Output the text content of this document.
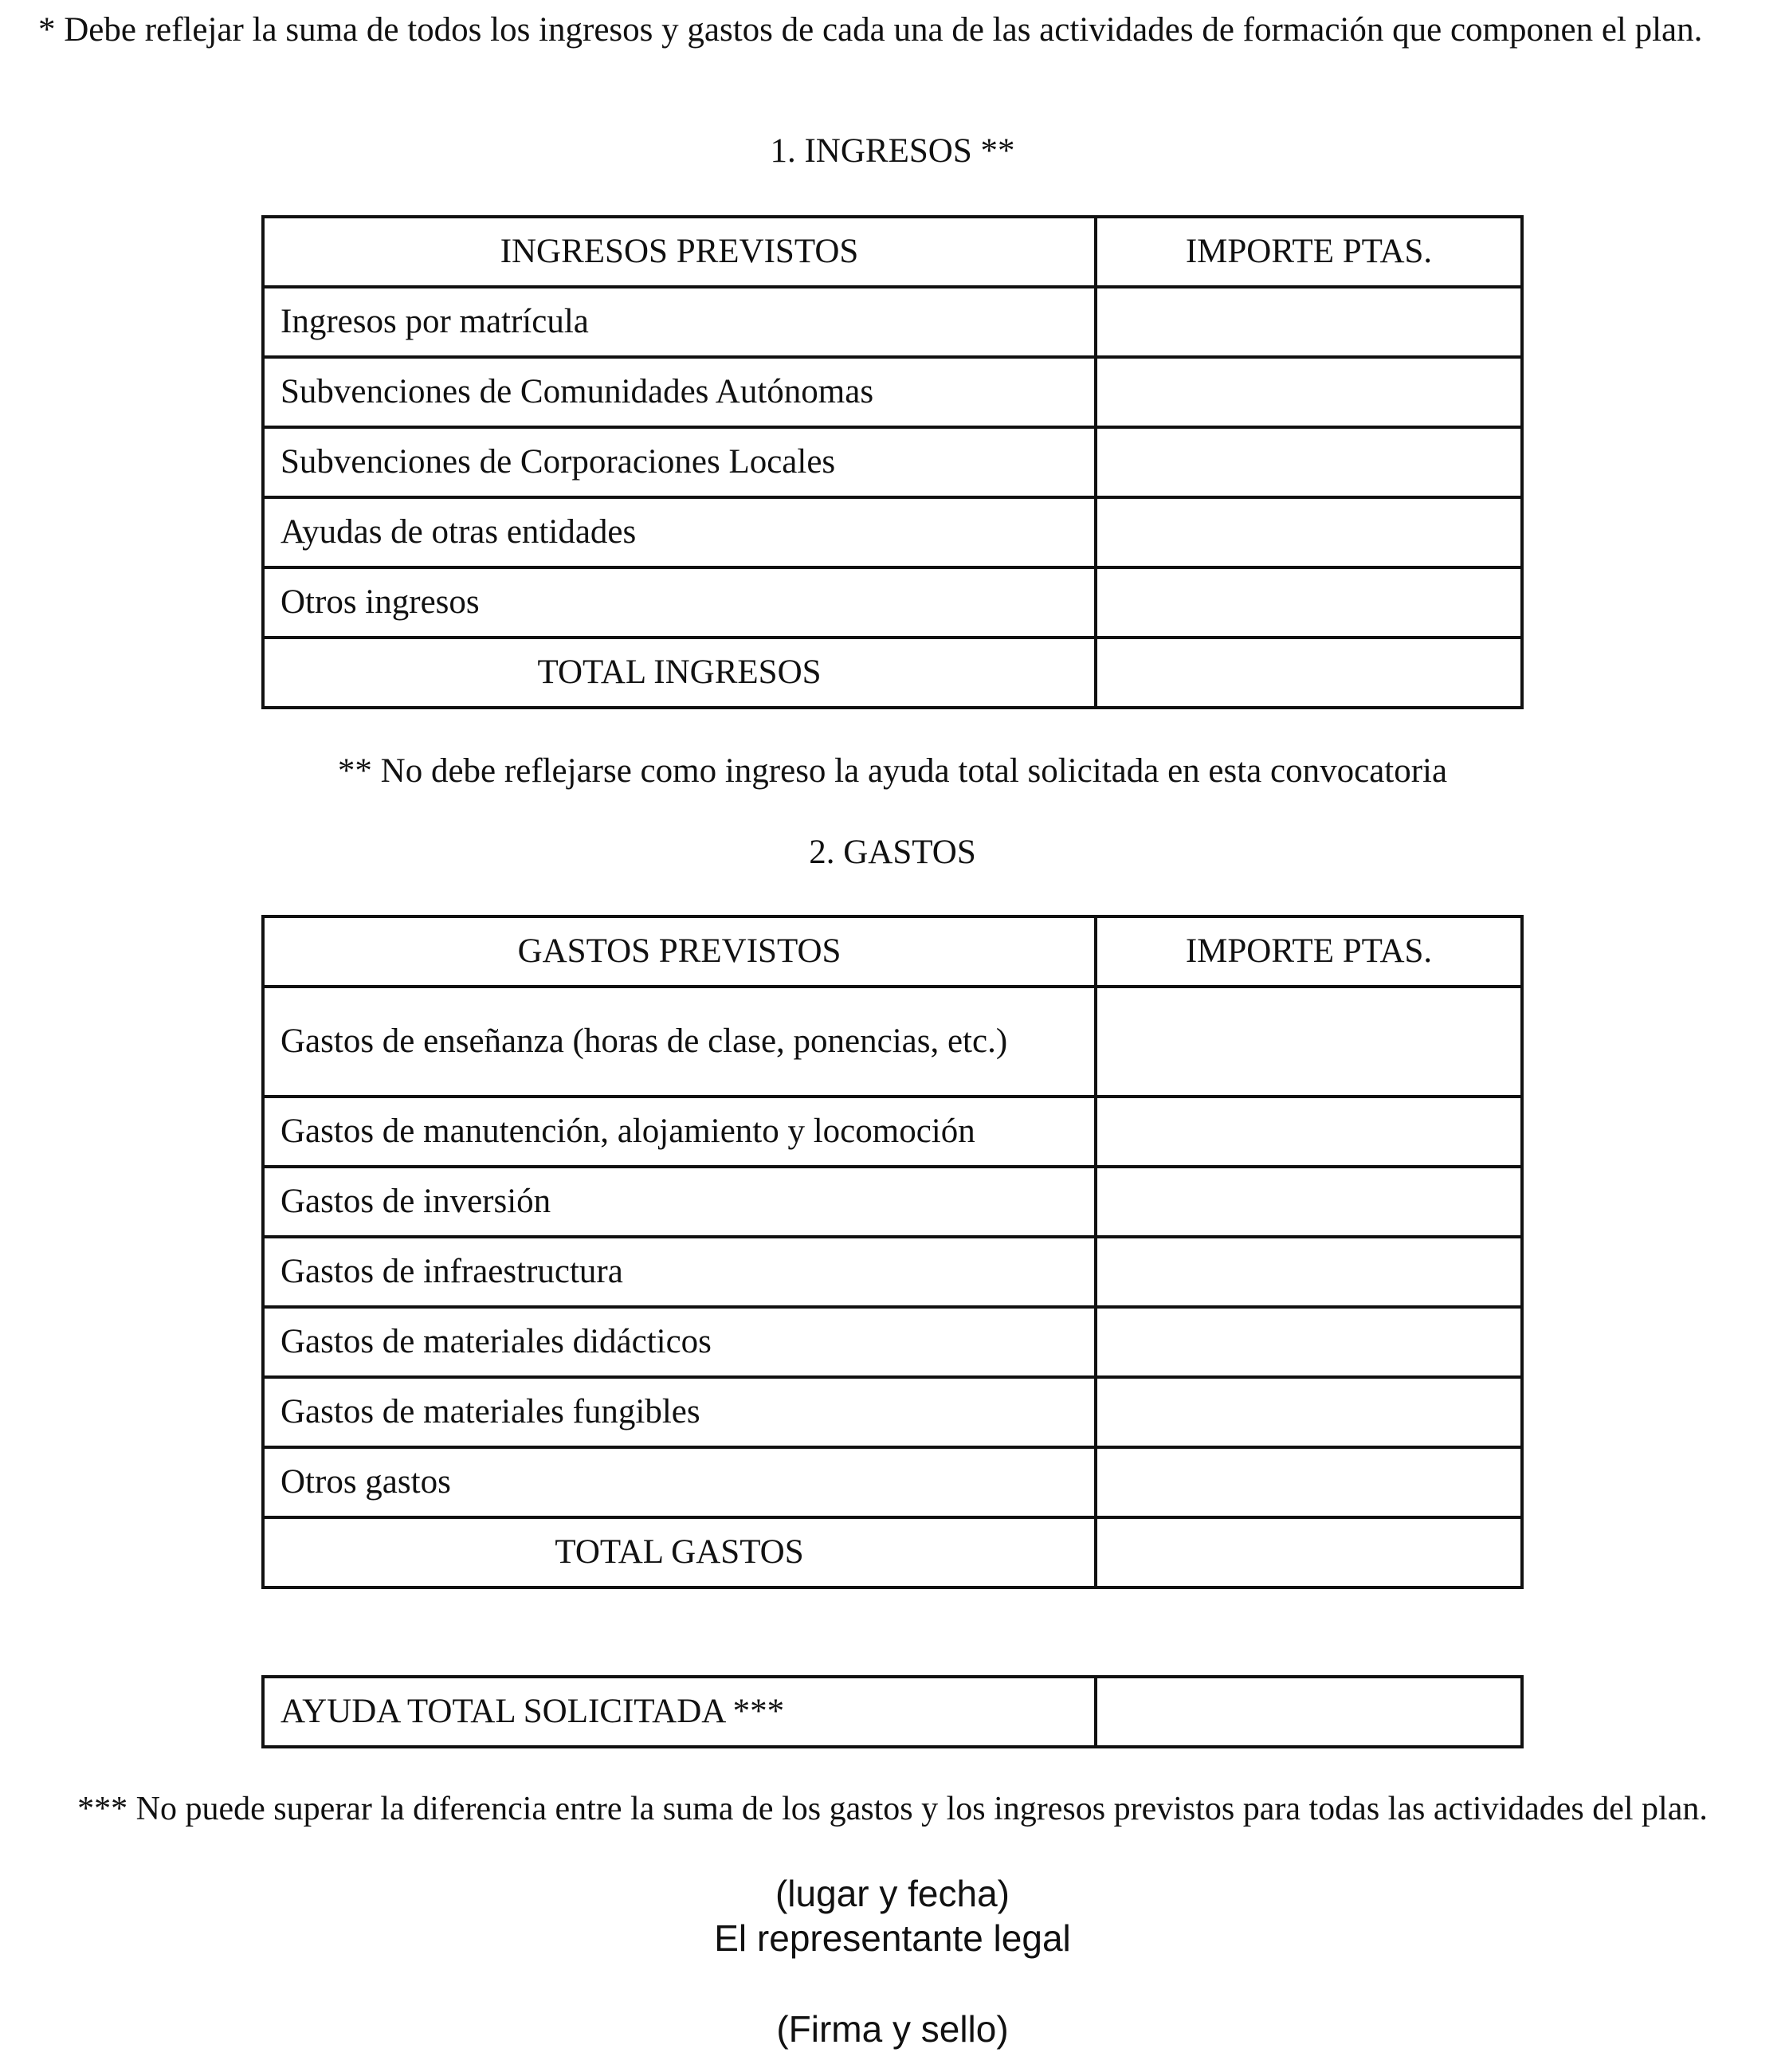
* Debe reflejar la suma de todos los ingresos y gastos de cada una de las actividades de formación que componen el plan.

1. INGRESOS **
INGRESOS PREVISTOS	IMPORTE PTAS.
Ingresos por matrícula	
Subvenciones de Comunidades Autónomas	
Subvenciones de Corporaciones Locales	
Ayudas de otras entidades	
Otros ingresos	
TOTAL INGRESOS	
** No debe reflejarse como ingreso la ayuda total solicitada en esta convocatoria
2. GASTOS
GASTOS PREVISTOS	IMPORTE PTAS.
Gastos de enseñanza (horas de clase, ponencias, etc.)	
Gastos de manutención, alojamiento y locomoción	
Gastos de inversión	
Gastos de infraestructura	
Gastos de materiales didácticos	
Gastos de materiales fungibles	
Otros gastos	
TOTAL GASTOS	
AYUDA TOTAL SOLICITADA ***	
*** No puede superar la diferencia entre la suma de los gastos y los ingresos previstos para todas las actividades del plan.
(lugar y fecha)
El representante legal
(Firma y sello)
